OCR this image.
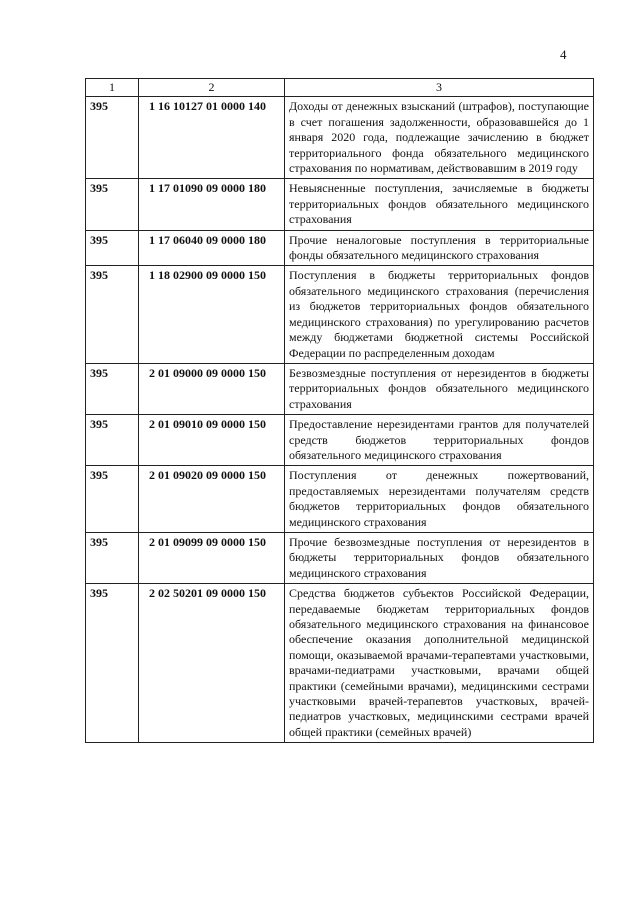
4
1	2	3
395	1 16 10127 01 0000 140	Доходы от денежных взысканий (штрафов), поступающие в счет погашения задолженности, образовавшейся до 1 января 2020 года, подлежащие зачислению в бюджет территориального фонда обязательного медицинского страхования по нормативам, действовавшим в 2019 году
395	1 17 01090 09 0000 180	Невыясненные поступления, зачисляемые в бюджеты территориальных фондов обязательного медицинского страхования
395	1 17 06040 09 0000 180	Прочие неналоговые поступления в территориальные фонды обязательного медицинского страхования
395	1 18 02900 09 0000 150	Поступления в бюджеты территориальных фондов обязательного медицинского страхования (перечисления из бюджетов территориальных фондов обязательного медицинского страхования) по урегулированию расчетов между бюджетами бюджетной системы Российской Федерации по распределенным доходам
395	2 01 09000 09 0000 150	Безвозмездные поступления от нерезидентов в бюджеты территориальных фондов обязательного медицинского страхования
395	2 01 09010 09 0000 150	Предоставление нерезидентами грантов для получателей средств бюджетов территориальных фондов обязательного медицинского страхования
395	2 01 09020 09 0000 150	Поступления от денежных пожертвований, предоставляемых нерезидентами получателям средств бюджетов территориальных фондов обязательного медицинского страхования
395	2 01 09099 09 0000 150	Прочие безвозмездные поступления от нерезидентов в бюджеты территориальных фондов обязательного медицинского страхования
395	2 02 50201 09 0000 150	Средства бюджетов субъектов Российской Федерации, передаваемые бюджетам территориальных фондов обязательного медицинского страхования на финансовое обеспечение оказания дополнительной медицинской помощи, оказываемой врачами-терапевтами участковыми, врачами-педиатрами участковыми, врачами общей практики (семейными врачами), медицинскими сестрами участковыми врачей-терапевтов участковых, врачей-педиатров участковых, медицинскими сестрами врачей общей практики (семейных врачей)
